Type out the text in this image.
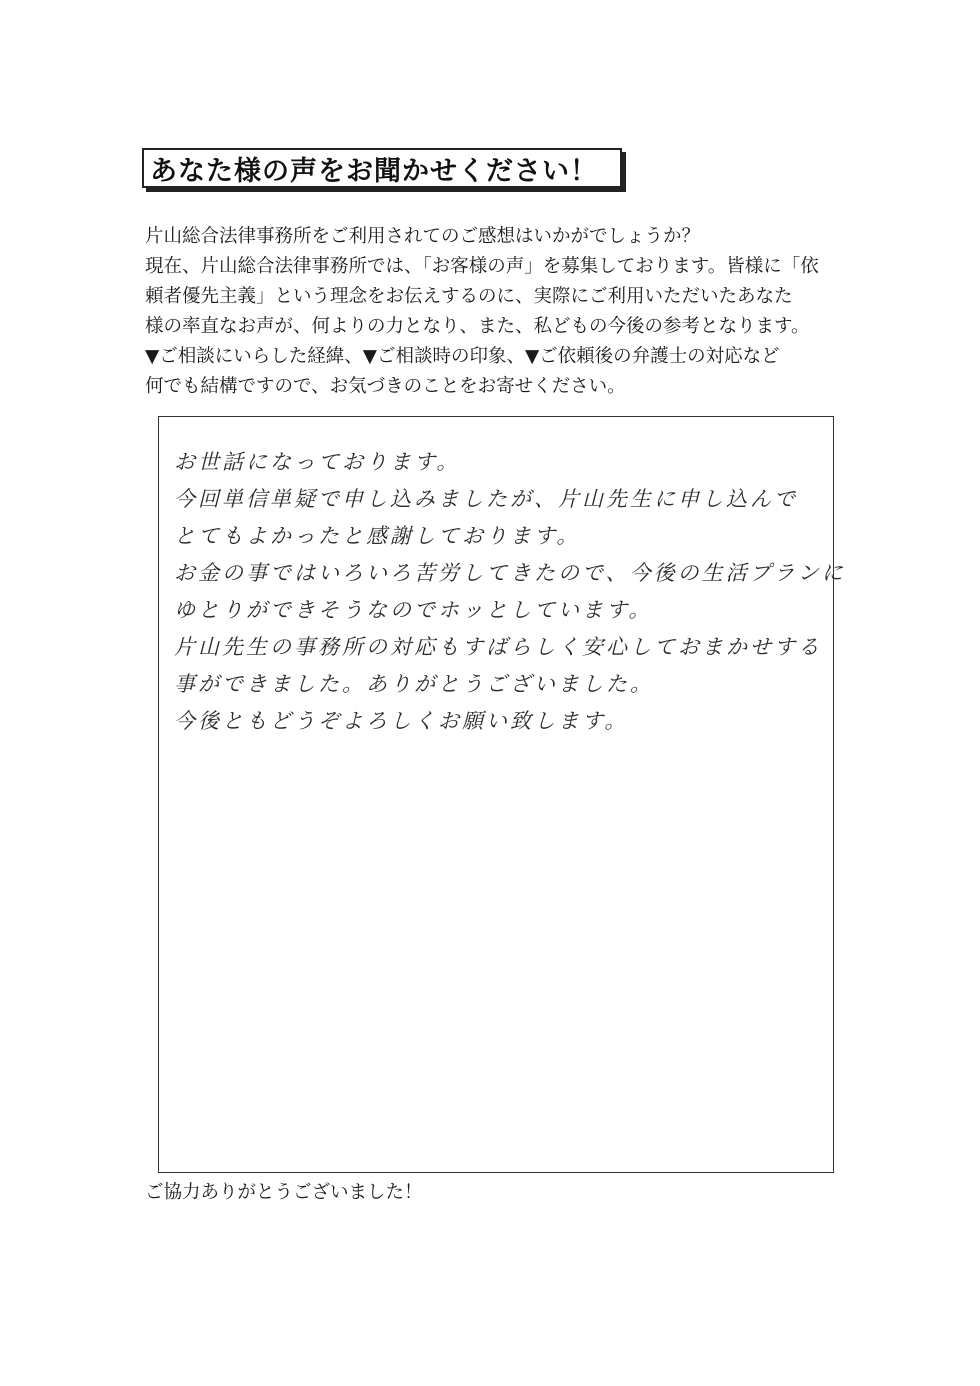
あなた様の声をお聞かせください！

片山総合法律事務所をご利用されてのご感想はいかがでしょうか？

現在、片山総合法律事務所では、「お客様の声」を募集しております。皆様に「依

頼者優先主義」という理念をお伝えするのに、実際にご利用いただいたあなた

様の率直なお声が、何よりの力となり、また、私どもの今後の参考となります。

▼ご相談にいらした経緯、▼ご相談時の印象、▼ご依頼後の弁護士の対応など

何でも結構ですので、お気づきのことをお寄せください。

お世話になっております。

今回単信単疑で申し込みましたが、片山先生に申し込んで

とてもよかったと感謝しております。

お金の事ではいろいろ苦労してきたので、今後の生活プランに

ゆとりができそうなのでホッとしています。

片山先生の事務所の対応もすばらしく安心しておまかせする

事ができました。ありがとうございました。

今後ともどうぞよろしくお願い致します。

ご協力ありがとうございました！
